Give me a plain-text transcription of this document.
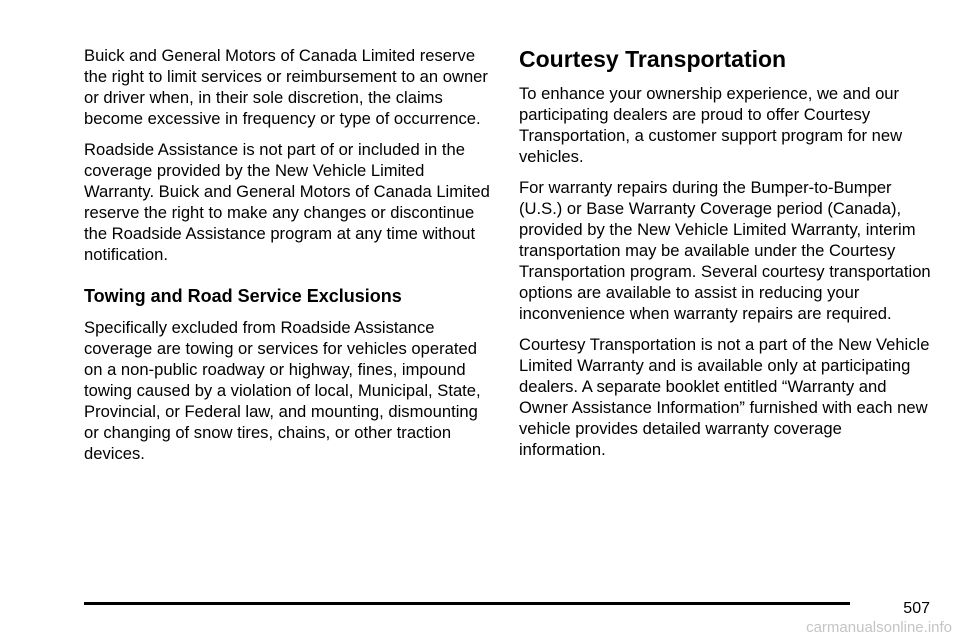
Buick and General Motors of Canada Limited reserve the right to limit services or reimbursement to an owner or driver when, in their sole discretion, the claims become excessive in frequency or type of occurrence.

Roadside Assistance is not part of or included in the coverage provided by the New Vehicle Limited Warranty. Buick and General Motors of Canada Limited reserve the right to make any changes or discontinue the Roadside Assistance program at any time without notification.

Towing and Road Service Exclusions

Specifically excluded from Roadside Assistance coverage are towing or services for vehicles operated on a non-public roadway or highway, fines, impound towing caused by a violation of local, Municipal, State, Provincial, or Federal law, and mounting, dismounting or changing of snow tires, chains, or other traction devices.

Courtesy Transportation

To enhance your ownership experience, we and our participating dealers are proud to offer Courtesy Transportation, a customer support program for new vehicles.

For warranty repairs during the Bumper-to-Bumper (U.S.) or Base Warranty Coverage period (Canada), provided by the New Vehicle Limited Warranty, interim transportation may be available under the Courtesy Transportation program. Several courtesy transportation options are available to assist in reducing your inconvenience when warranty repairs are required.

Courtesy Transportation is not a part of the New Vehicle Limited Warranty and is available only at participating dealers. A separate booklet entitled “Warranty and Owner Assistance Information” furnished with each new vehicle provides detailed warranty coverage information.

507
carmanualsonline.info
